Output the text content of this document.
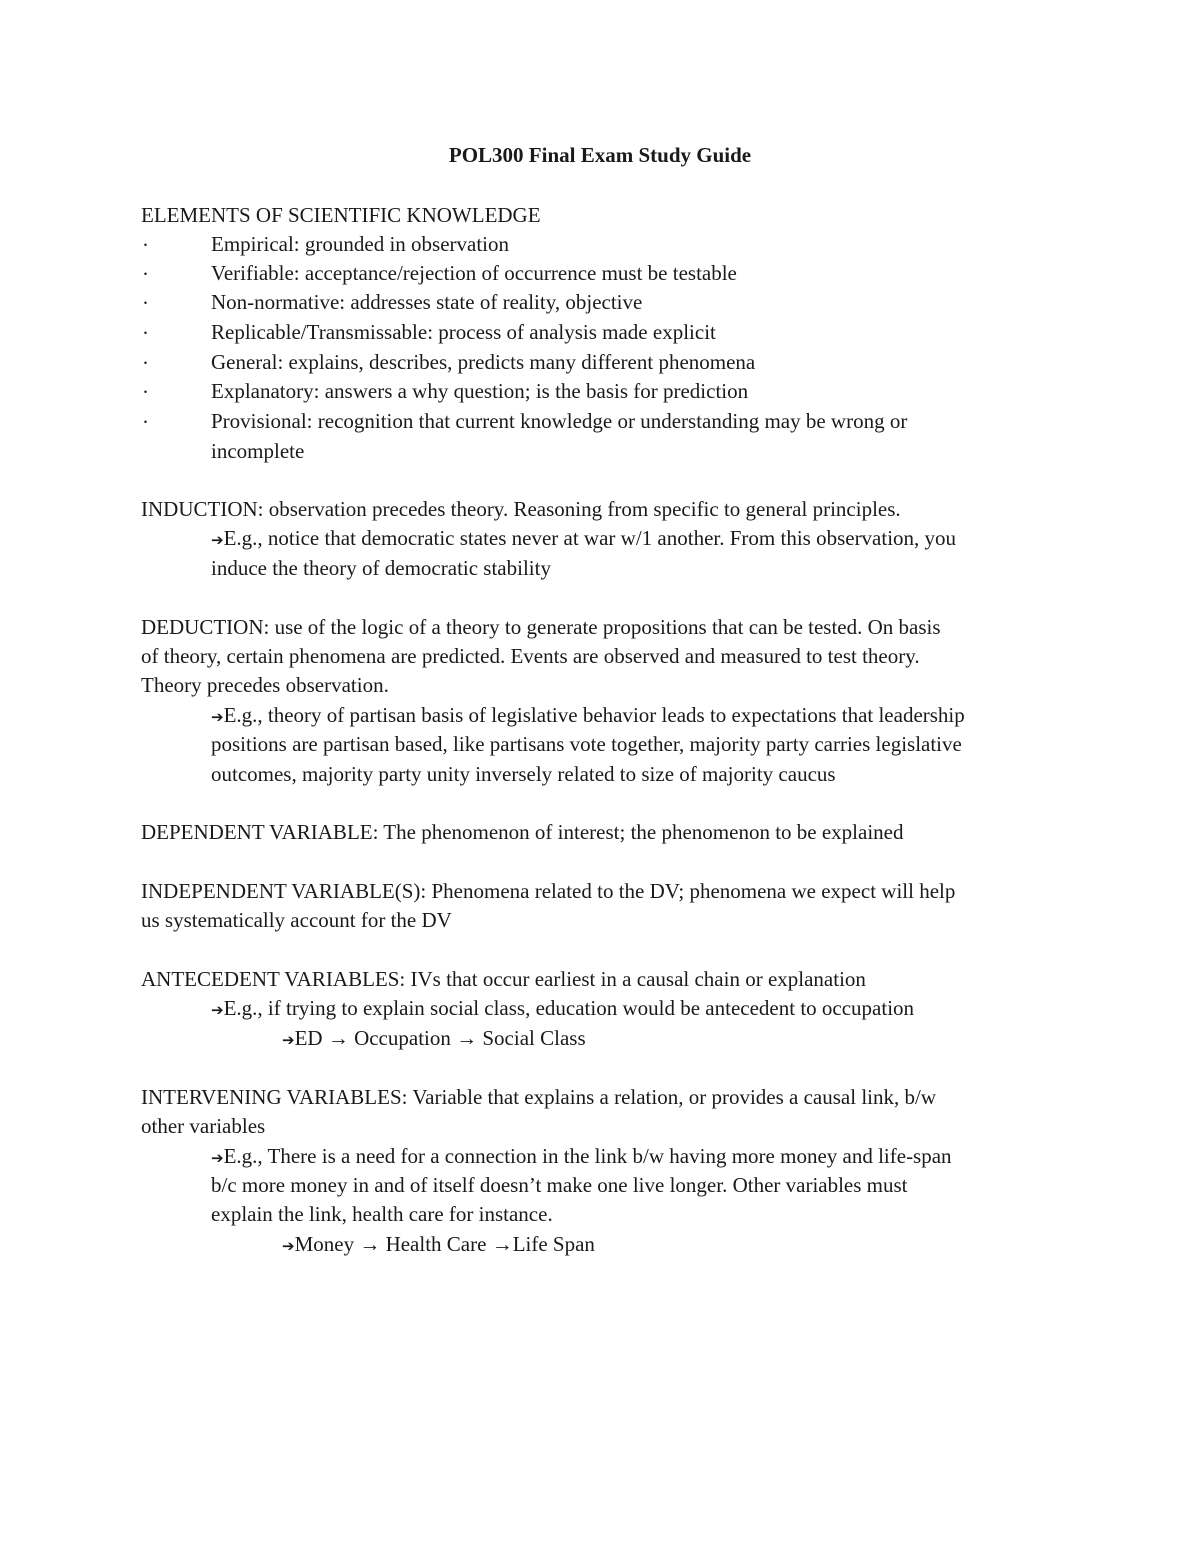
POL300 Final Exam Study Guide
ELEMENTS OF SCIENTIFIC KNOWLEDGE
·	Empirical: grounded in observation
·	Verifiable: acceptance/rejection of occurrence must be testable
·	Non-normative: addresses state of reality, objective
·	Replicable/Transmissable: process of analysis made explicit
·	General: explains, describes, predicts many different phenomena
·	Explanatory: answers a why question; is the basis for prediction
·	Provisional: recognition that current knowledge or understanding may be wrong or
incomplete
INDUCTION: observation precedes theory. Reasoning from specific to general principles.
➔E.g., notice that democratic states never at war w/1 another. From this observation, you
induce the theory of democratic stability
DEDUCTION: use of the logic of a theory to generate propositions that can be tested. On basis
of theory, certain phenomena are predicted. Events are observed and measured to test theory.
Theory precedes observation.
➔E.g., theory of partisan basis of legislative behavior leads to expectations that leadership
positions are partisan based, like partisans vote together, majority party carries legislative
outcomes, majority party unity inversely related to size of majority caucus
DEPENDENT VARIABLE: The phenomenon of interest; the phenomenon to be explained
INDEPENDENT VARIABLE(S): Phenomena related to the DV; phenomena we expect will help
us systematically account for the DV
ANTECEDENT VARIABLES: IVs that occur earliest in a causal chain or explanation
➔E.g., if trying to explain social class, education would be antecedent to occupation
➔ED → Occupation → Social Class
INTERVENING VARIABLES: Variable that explains a relation, or provides a causal link, b/w
other variables
➔E.g., There is a need for a connection in the link b/w having more money and life-span
b/c more money in and of itself doesn’t make one live longer. Other variables must
explain the link, health care for instance.
➔Money → Health Care →Life Span
